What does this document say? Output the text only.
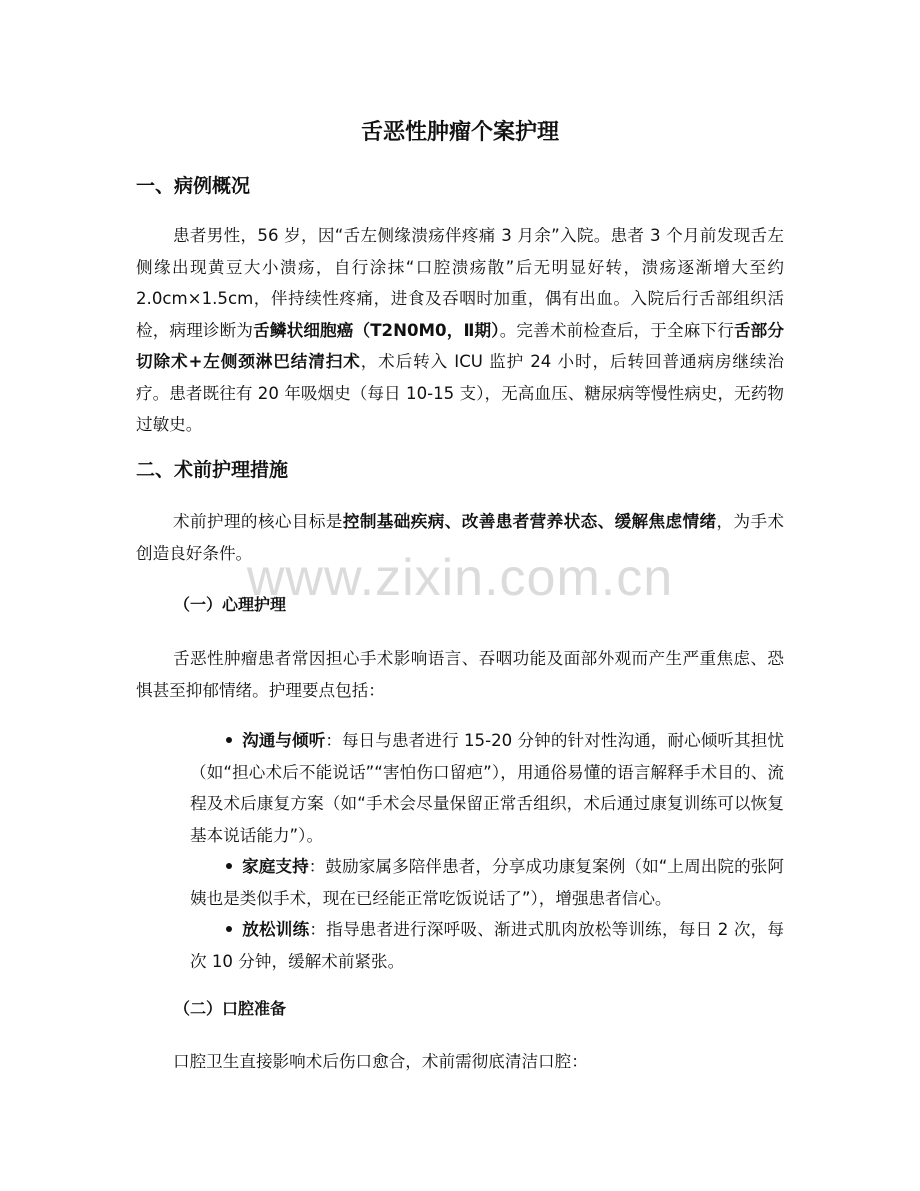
舌恶性肿瘤个案护理
一、病例概况

患者男性，56 岁，因“舌左侧缘溃疡伴疼痛 3 月余”入院。患者 3 个月前发现舌左侧缘出现黄豆大小溃疡，自行涂抹“口腔溃疡散”后无明显好转，溃疡逐渐增大至约 2.0cm×1.5cm，伴持续性疼痛，进食及吞咽时加重，偶有出血。入院后行舌部组织活检，病理诊断为舌鳞状细胞癌（T2N0M0，Ⅱ期）。完善术前检查后，于全麻下行舌部分切除术+左侧颈淋巴结清扫术，术后转入 ICU 监护 24 小时，后转回普通病房继续治疗。患者既往有 20 年吸烟史（每日 10-15 支），无高血压、糖尿病等慢性病史，无药物过敏史。

二、术前护理措施

术前护理的核心目标是控制基础疾病、改善患者营养状态、缓解焦虑情绪，为手术创造良好条件。

（一）心理护理

舌恶性肿瘤患者常因担心手术影响语言、吞咽功能及面部外观而产生严重焦虑、恐惧甚至抑郁情绪。护理要点包括：

沟通与倾听：每日与患者进行 15-20 分钟的针对性沟通，耐心倾听其担忧（如“担心术后不能说话”“害怕伤口留疤”），用通俗易懂的语言解释手术目的、流程及术后康复方案（如“手术会尽量保留正常舌组织，术后通过康复训练可以恢复基本说话能力”）。
家庭支持：鼓励家属多陪伴患者，分享成功康复案例（如“上周出院的张阿姨也是类似手术，现在已经能正常吃饭说话了”），增强患者信心。
放松训练：指导患者进行深呼吸、渐进式肌肉放松等训练，每日 2 次，每次 10 分钟，缓解术前紧张。
（二）口腔准备

口腔卫生直接影响术后伤口愈合，术前需彻底清洁口腔：

www.zixin.com.cn
